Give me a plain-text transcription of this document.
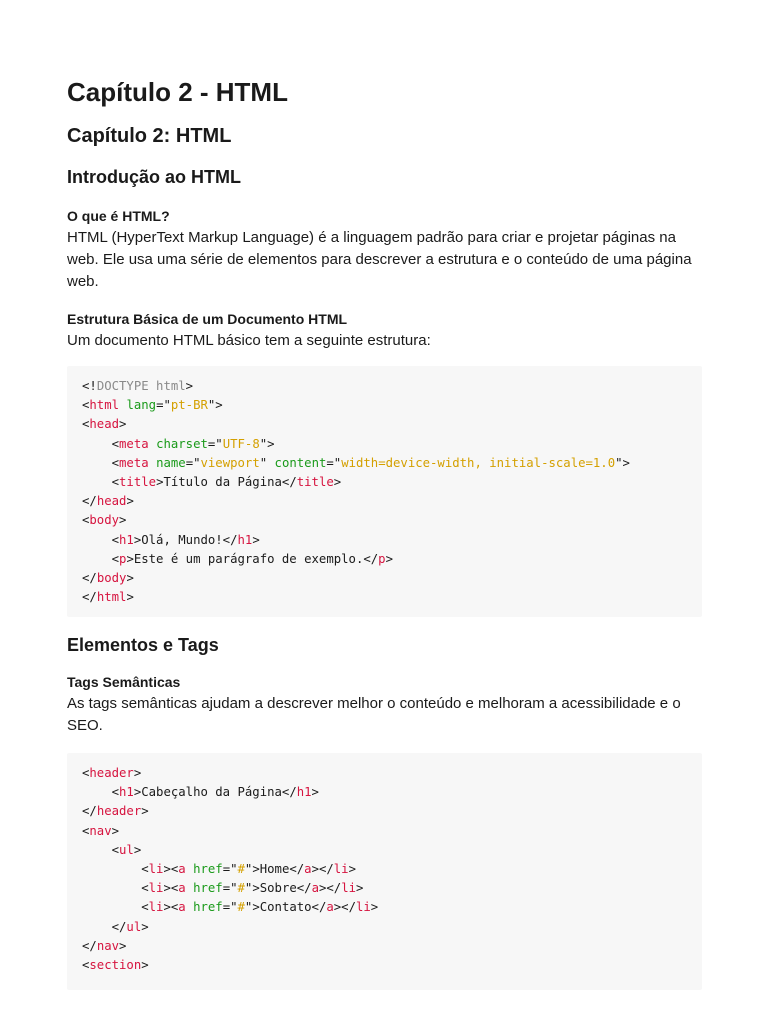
Capítulo 2 - HTML
Capítulo 2: HTML
Introdução ao HTML
O que é HTML?

HTML (HyperText Markup Language) é a linguagem padrão para criar e projetar páginas na web. Ele usa uma série de elementos para descrever a estrutura e o conteúdo de uma página web.

Estrutura Básica de um Documento HTML

Um documento HTML básico tem a seguinte estrutura:

<!DOCTYPE html>
<html lang="pt-BR">
<head>
<meta charset="UTF-8">
<meta name="viewport" content="width=device-width, initial-scale=1.0">
<title>Título da Página</title>
</head>
<body>
<h1>Olá, Mundo!</h1>
<p>Este é um parágrafo de exemplo.</p>
</body>
</html>
Elementos e Tags
Tags Semânticas

As tags semânticas ajudam a descrever melhor o conteúdo e melhoram a acessibilidade e o SEO.

<header>
<h1>Cabeçalho da Página</h1>
</header>
<nav>
<ul>
<li><a href="#">Home</a></li>
<li><a href="#">Sobre</a></li>
<li><a href="#">Contato</a></li>
</ul>
</nav>
<section>
